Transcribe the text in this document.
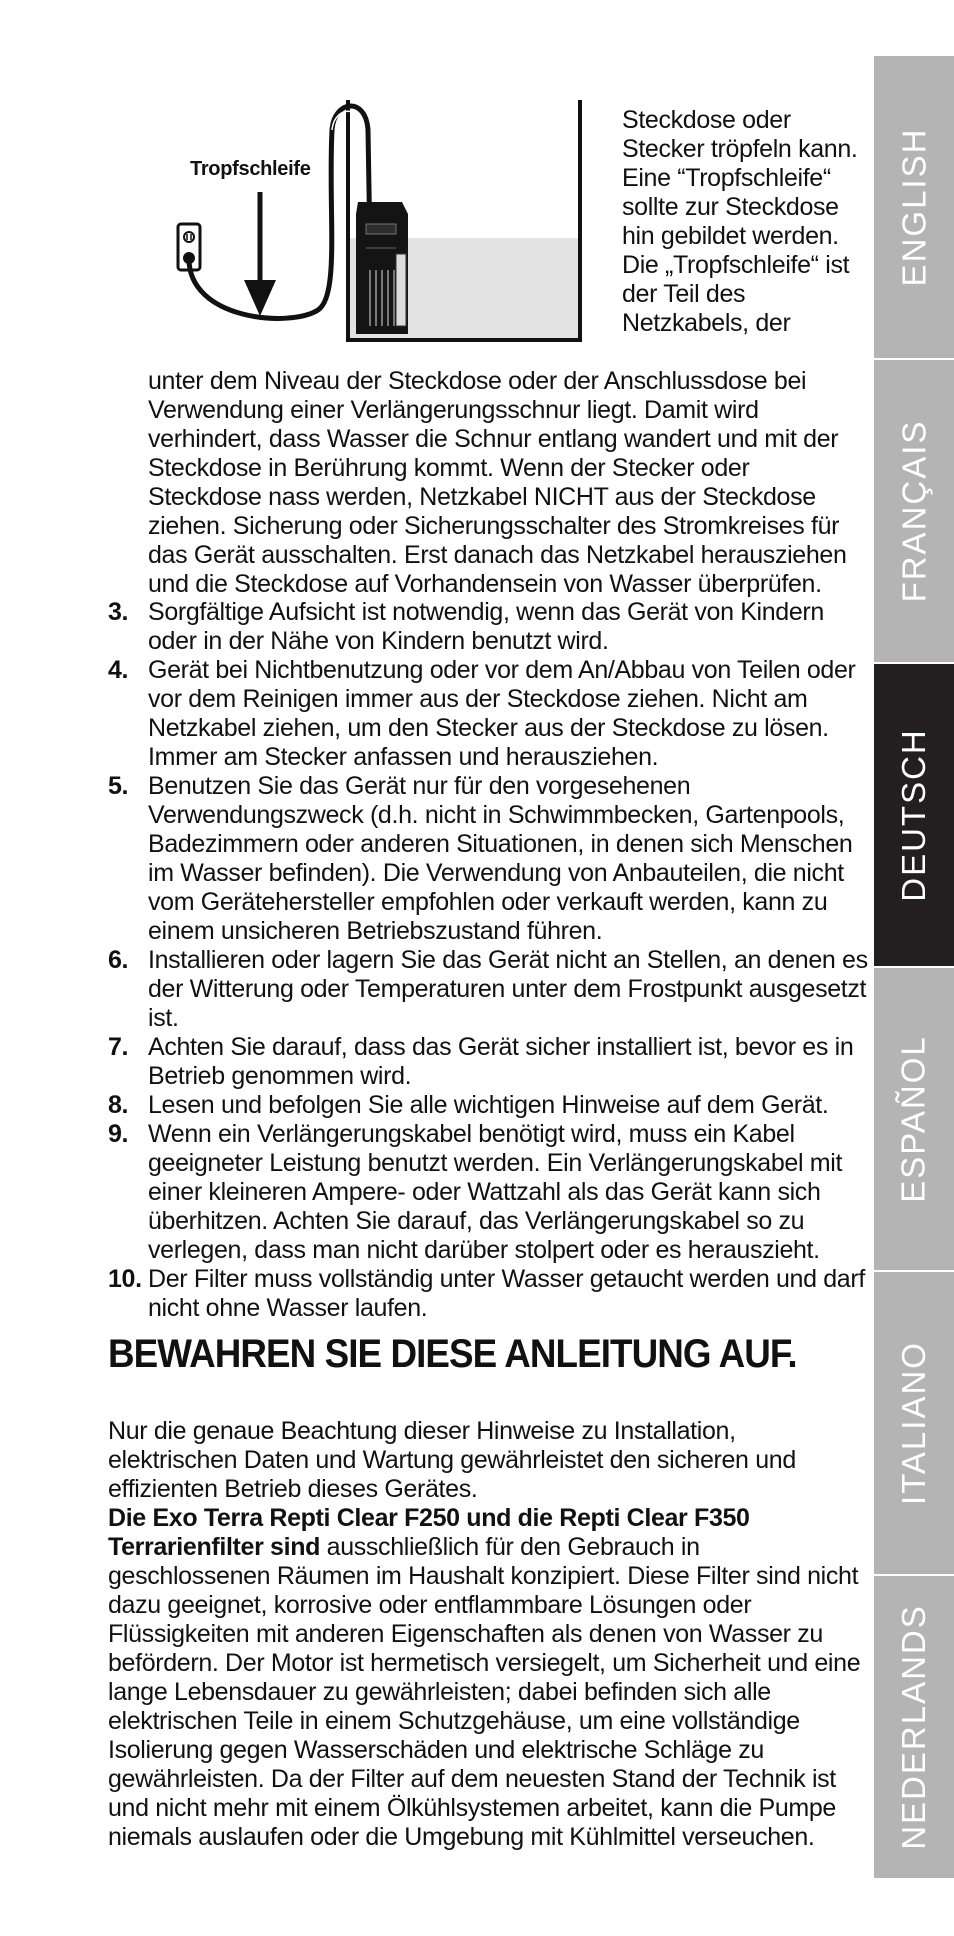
Tropfschleife
Steckdose oder Stecker tröpfeln kann. Eine “Tropfschleife“ sollte zur Steckdose hin gebildet werden. Die „Tropfschleife“ ist der Teil des Netzkabels, der
unter dem Niveau der Steckdose oder der Anschlussdose bei Verwendung einer Verlängerungsschnur liegt. Damit wird verhindert, dass Wasser die Schnur entlang wandert und mit der Steckdose in Berührung kommt. Wenn der Stecker oder Steckdose nass werden, Netzkabel NICHT aus der Steckdose ziehen. Sicherung oder Sicherungsschalter des Stromkreises für das Gerät ausschalten. Erst danach das Netzkabel herausziehen und die Steckdose auf Vorhandensein von Wasser überprüfen.
3. Sorgfältige Aufsicht ist notwendig, wenn das Gerät von Kindern oder in der Nähe von Kindern benutzt wird.
4. Gerät bei Nichtbenutzung oder vor dem An/Abbau von Teilen oder vor dem Reinigen immer aus der Steckdose ziehen. Nicht am Netzkabel ziehen, um den Stecker aus der Steckdose zu lösen. Immer am Stecker anfassen und herausziehen.
5. Benutzen Sie das Gerät nur für den vorgesehenen Verwendungszweck (d.h. nicht in Schwimmbecken, Gartenpools, Badezimmern oder anderen Situationen, in denen sich Menschen im Wasser befinden). Die Verwendung von Anbauteilen, die nicht vom Gerätehersteller empfohlen oder verkauft werden, kann zu einem unsicheren Betriebszustand führen.
6. Installieren oder lagern Sie das Gerät nicht an Stellen, an denen es der Witterung oder Temperaturen unter dem Frostpunkt ausgesetzt ist.
7. Achten Sie darauf, dass das Gerät sicher installiert ist, bevor es in Betrieb genommen wird.
8. Lesen und befolgen Sie alle wichtigen Hinweise auf dem Gerät.
9. Wenn ein Verlängerungskabel benötigt wird, muss ein Kabel geeigneter Leistung benutzt werden. Ein Verlängerungskabel mit einer kleineren Ampere- oder Wattzahl als das Gerät kann sich überhitzen. Achten Sie darauf, das Verlängerungskabel so zu verlegen, dass man nicht darüber stolpert oder es herauszieht.
10. Der Filter muss vollständig unter Wasser getaucht werden und darf nicht ohne Wasser laufen.
BEWAHREN SIE DIESE ANLEITUNG AUF.

Nur die genaue Beachtung dieser Hinweise zu Installation, elektrischen Daten und Wartung gewährleistet den sicheren und effizienten Betrieb dieses Gerätes.

Die Exo Terra Repti Clear F250 und die Repti Clear F350 Terrarienfilter sind ausschließlich für den Gebrauch in geschlossenen Räumen im Haushalt konzipiert. Diese Filter sind nicht dazu geeignet, korrosive oder entflammbare Lösungen oder Flüssigkeiten mit anderen Eigenschaften als denen von Wasser zu befördern. Der Motor ist hermetisch versiegelt, um Sicherheit und eine lange Lebensdauer zu gewährleisten; dabei befinden sich alle elektrischen Teile in einem Schutzgehäuse, um eine vollständige Isolierung gegen Wasserschäden und elektrische Schläge zu gewährleisten. Da der Filter auf dem neuesten Stand der Technik ist und nicht mehr mit einem Ölkühlsystemen arbeitet, kann die Pumpe niemals auslaufen oder die Umgebung mit Kühlmittel verseuchen.

ENGLISH
FRANÇAIS
DEUTSCH
ESPAÑOL
ITALIANO
NEDERLANDS
